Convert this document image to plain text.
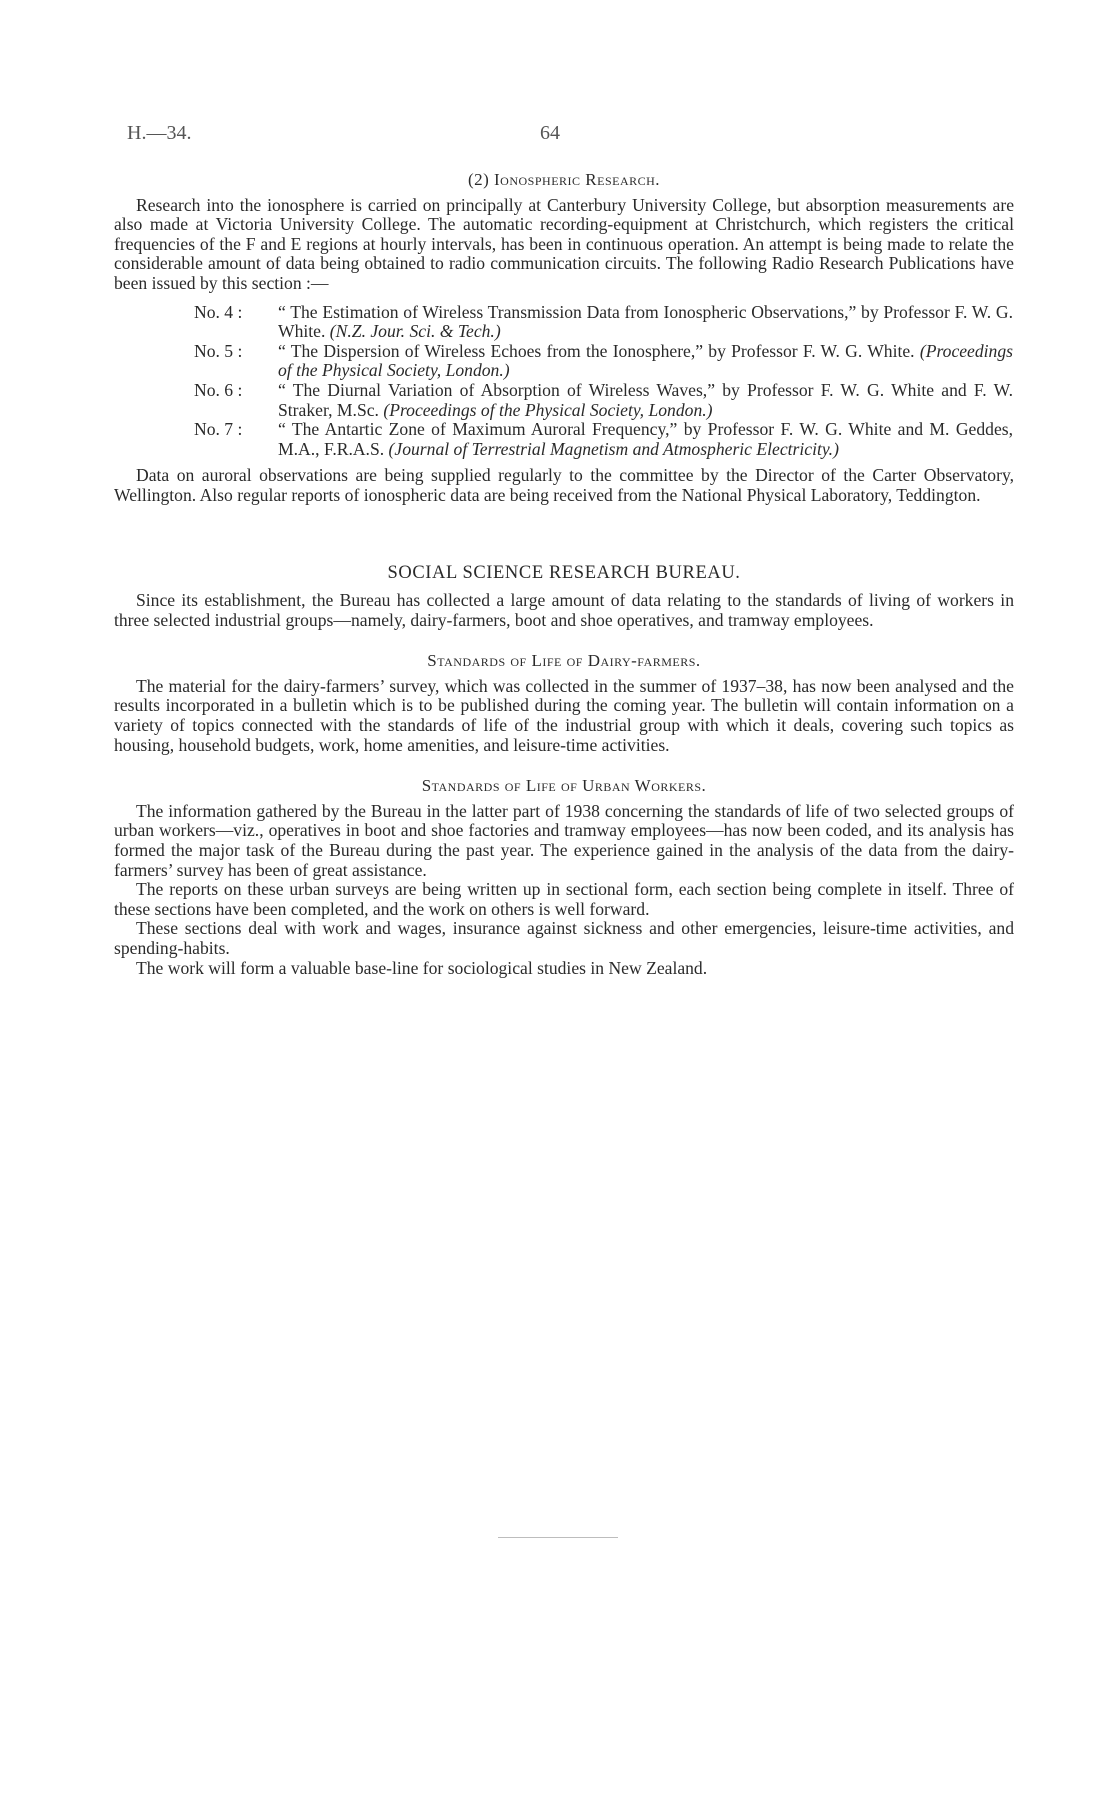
H.—34.	64
(2) Ionospheric Research.

Research into the ionosphere is carried on principally at Canterbury University College, but absorption measurements are also made at Victoria University College. The automatic recording-equipment at Christchurch, which registers the critical frequencies of the F and E regions at hourly intervals, has been in continuous operation. An attempt is being made to relate the considerable amount of data being obtained to radio communication circuits. The following Radio Research Publications have been issued by this section :—

No. 4 :	“ The Estimation of Wireless Transmission Data from Ionospheric Observations,” by Professor F. W. G. White. (N.Z. Jour. Sci. & Tech.)
No. 5 :	“ The Dispersion of Wireless Echoes from the Ionosphere,” by Professor F. W. G. White. (Proceedings of the Physical Society, London.)
No. 6 :	“ The Diurnal Variation of Absorption of Wireless Waves,” by Professor F. W. G. White and F. W. Straker, M.Sc. (Proceedings of the Physical Society, London.)
No. 7 :	“ The Antartic Zone of Maximum Auroral Frequency,” by Professor F. W. G. White and M. Geddes, M.A., F.R.A.S. (Journal of Terrestrial Magnetism and Atmospheric Electricity.)

Data on auroral observations are being supplied regularly to the committee by the Director of the Carter Observatory, Wellington. Also regular reports of ionospheric data are being received from the National Physical Laboratory, Teddington.

SOCIAL SCIENCE RESEARCH BUREAU.

Since its establishment, the Bureau has collected a large amount of data relating to the standards of living of workers in three selected industrial groups—namely, dairy-farmers, boot and shoe operatives, and tramway employees.

Standards of Life of Dairy-farmers.

The material for the dairy-farmers’ survey, which was collected in the summer of 1937–38, has now been analysed and the results incorporated in a bulletin which is to be published during the coming year. The bulletin will contain information on a variety of topics connected with the standards of life of the industrial group with which it deals, covering such topics as housing, household budgets, work, home amenities, and leisure-time activities.

Standards of Life of Urban Workers.

The information gathered by the Bureau in the latter part of 1938 concerning the standards of life of two selected groups of urban workers—viz., operatives in boot and shoe factories and tramway employees—has now been coded, and its analysis has formed the major task of the Bureau during the past year. The experience gained in the analysis of the data from the dairy-farmers’ survey has been of great assistance.

The reports on these urban surveys are being written up in sectional form, each section being complete in itself. Three of these sections have been completed, and the work on others is well forward.

These sections deal with work and wages, insurance against sickness and other emergencies, leisure-time activities, and spending-habits.

The work will form a valuable base-line for sociological studies in New Zealand.
